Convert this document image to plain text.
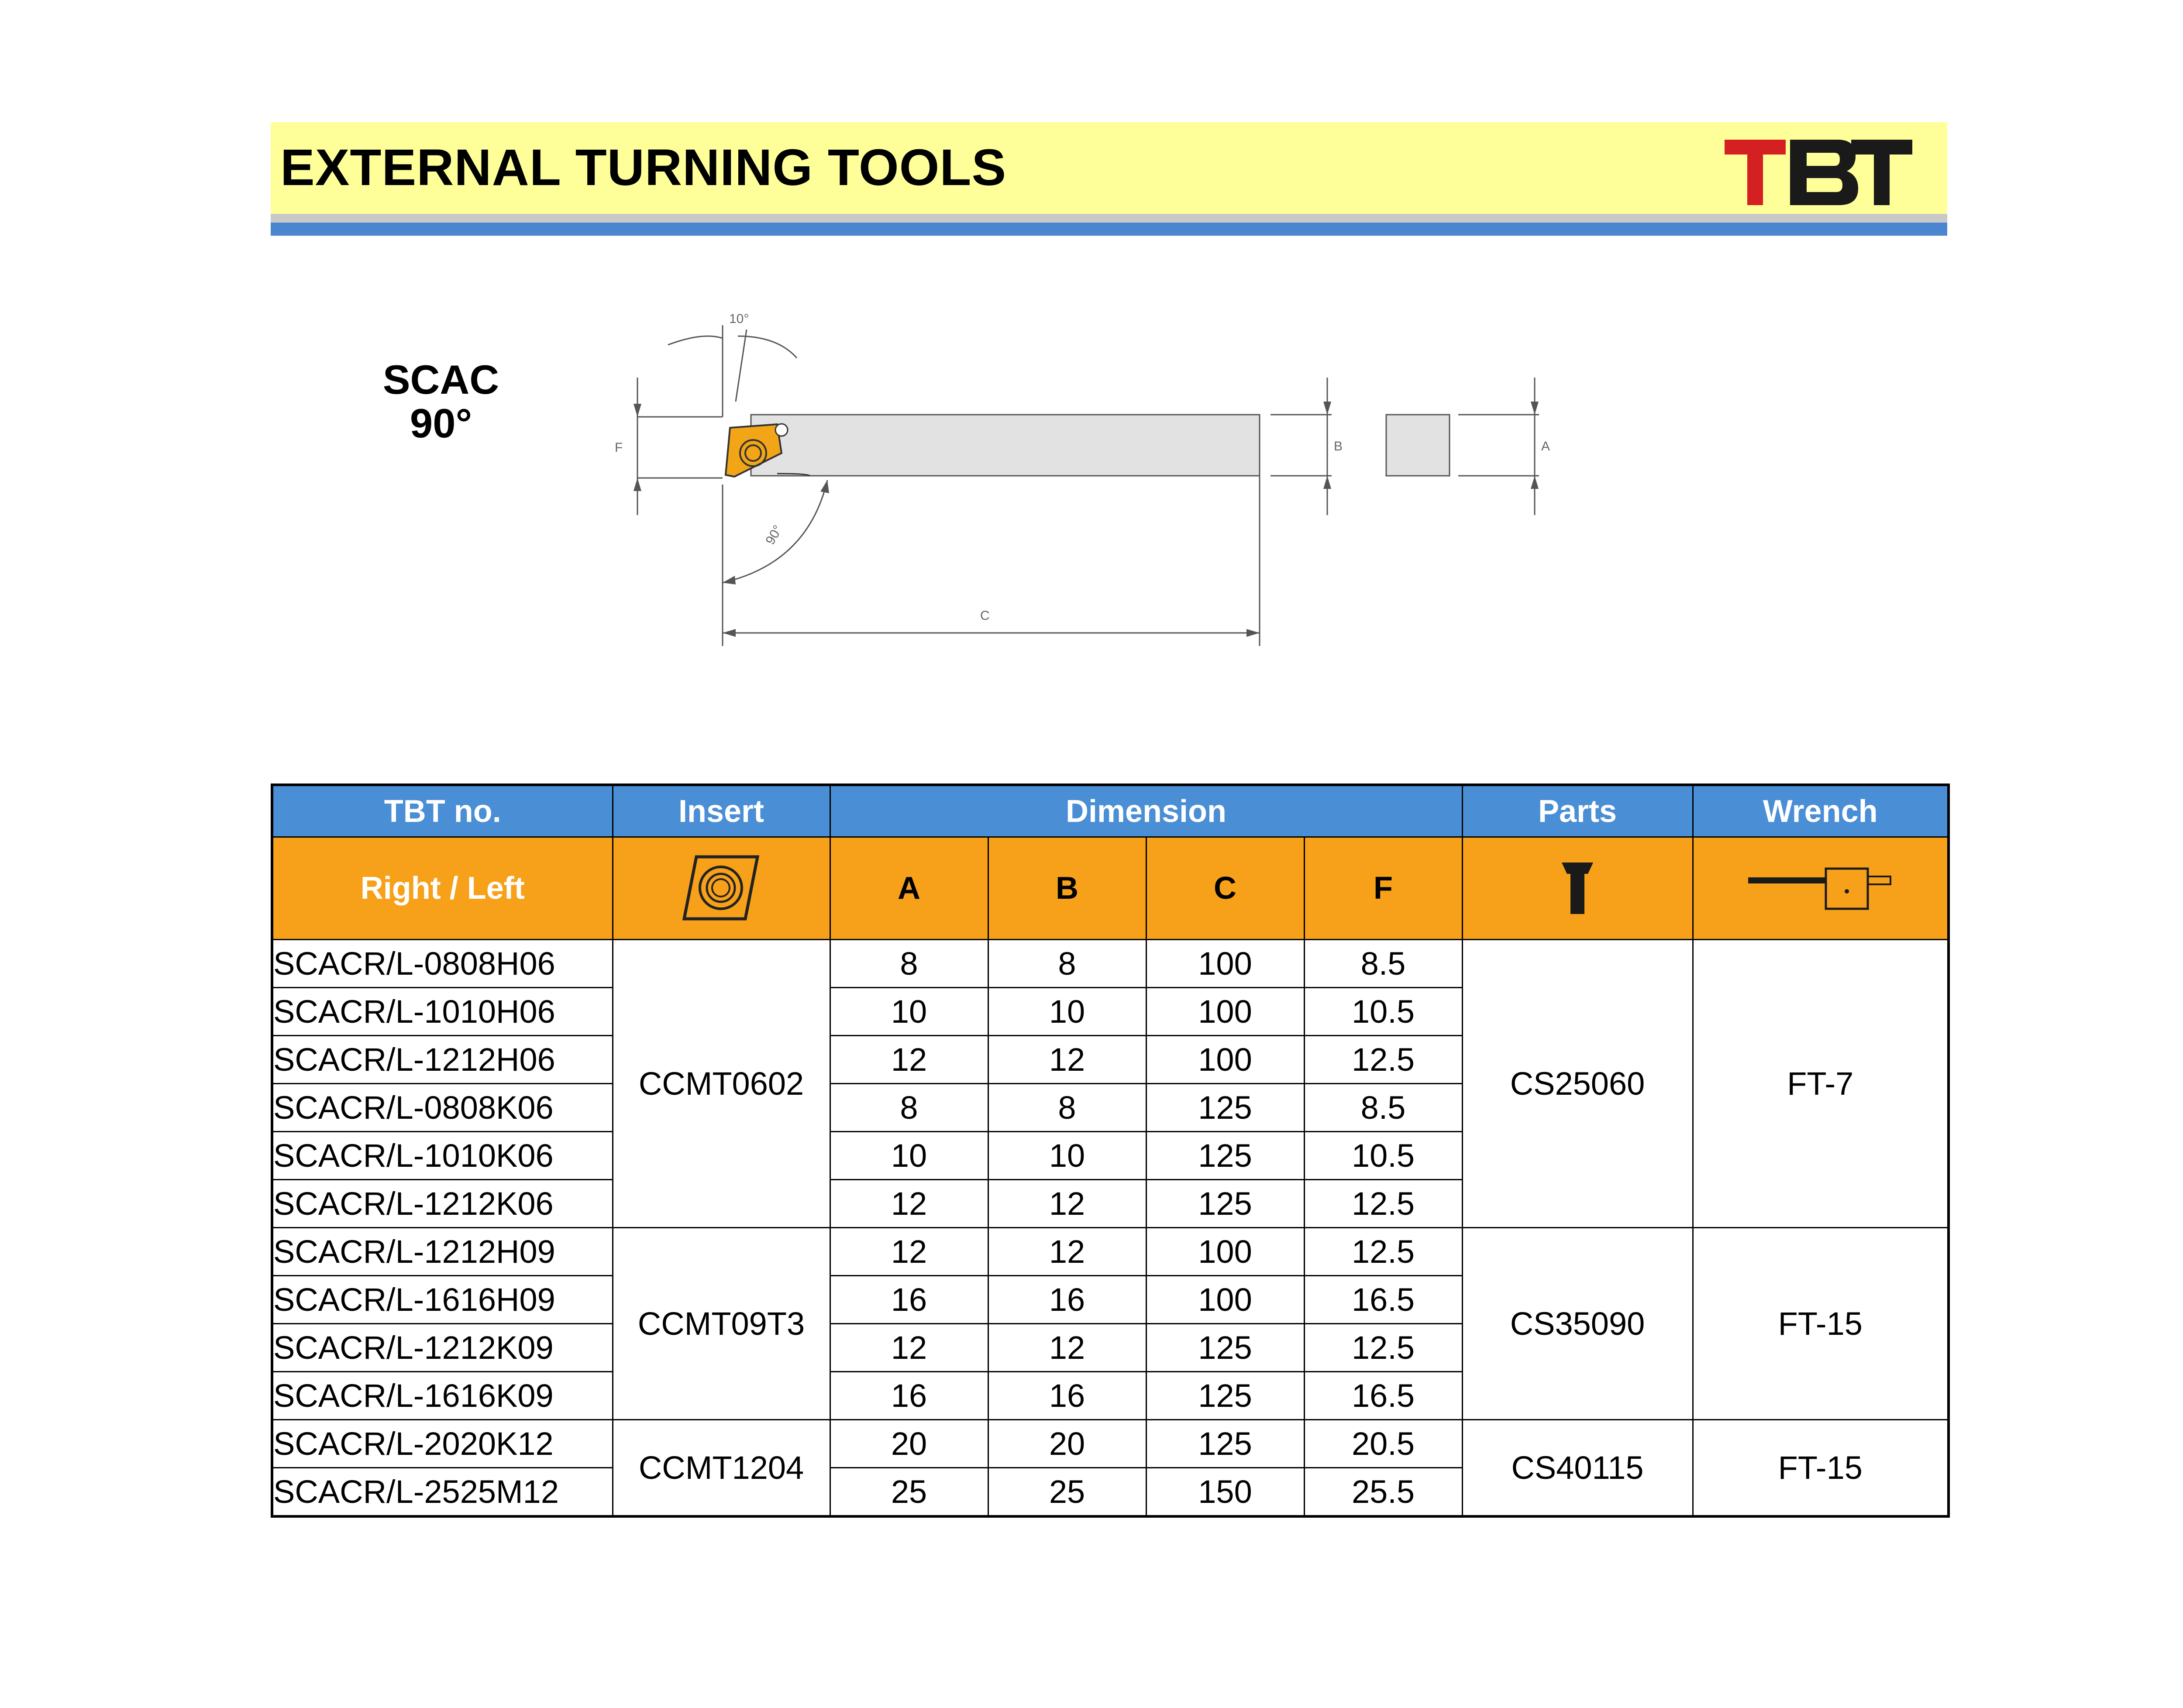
EXTERNAL TURNING TOOLS
SCAC
90°
10°
90°
F	B	A
C
TBT no.	Insert	Dimension				Parts	Wrench
Right / Left		A	B	C	F	

SCACR/L-0808H06	CCMT0602	8	8	100	8.5	CS25060	FT-7
SCACR/L-1010H06		10	10	100	10.5		
SCACR/L-1212H06		12	12	100	12.5		
SCACR/L-0808K06		8	8	125	8.5		
SCACR/L-1010K06		10	10	125	10.5		
SCACR/L-1212K06		12	12	125	12.5		
SCACR/L-1212H09	CCMT09T3	12	12	100	12.5	CS35090	FT-15
SCACR/L-1616H09		16	16	100	16.5		
SCACR/L-1212K09		12	12	125	12.5		
SCACR/L-1616K09		16	16	125	16.5		
SCACR/L-2020K12	CCMT1204	20	20	125	20.5	CS40115	FT-15
SCACR/L-2525M12		25	25	150	25.5		
